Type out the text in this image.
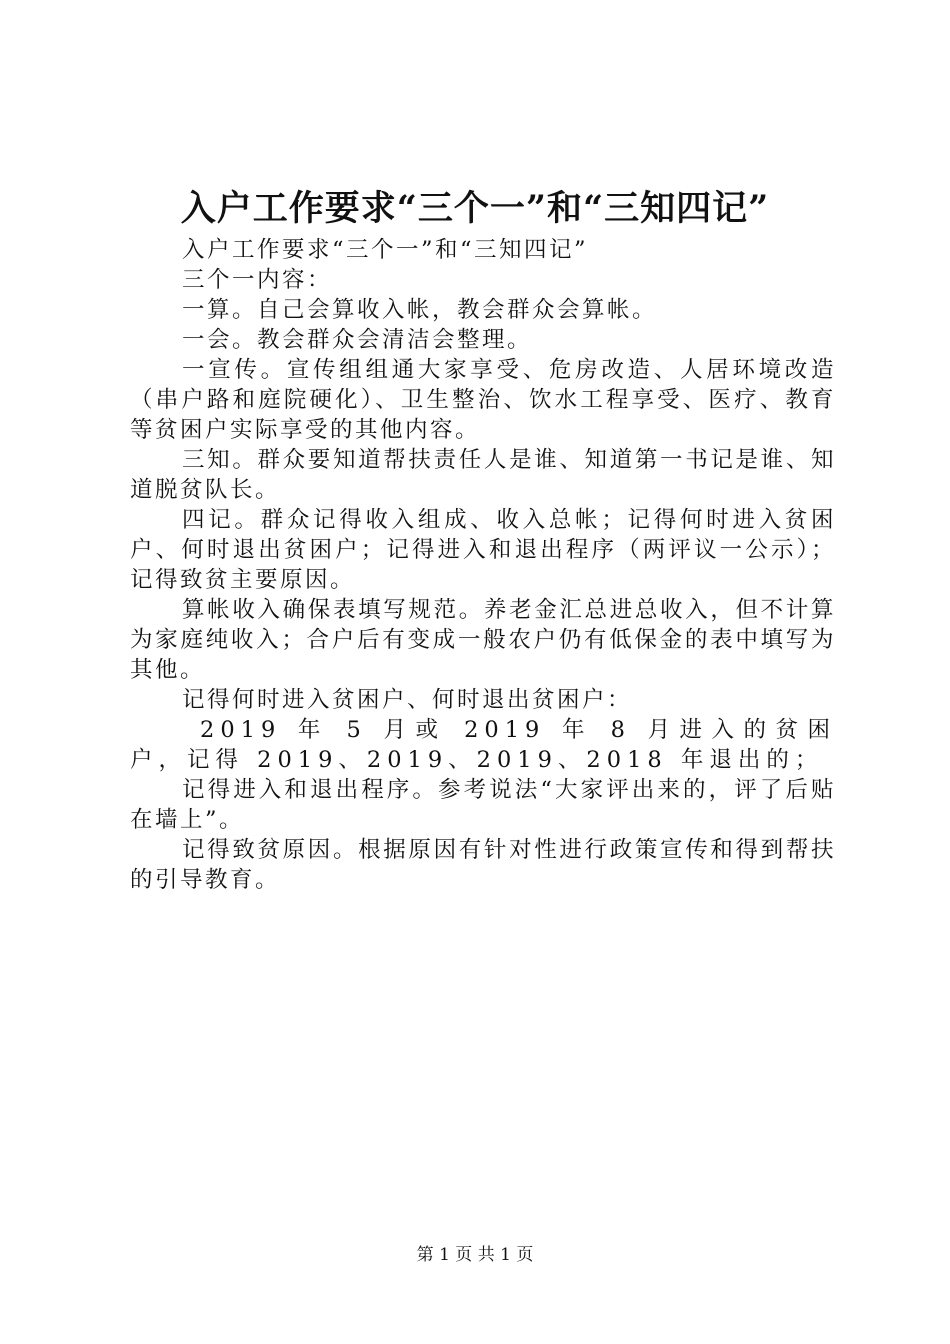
入户工作要求“三个一”和“三知四记”

入户工作要求“三个一”和“三知四记”

三个一内容：

一算。自己会算收入帐，教会群众会算帐。

一会。教会群众会清洁会整理。

一宣传。宣传组组通大家享受、危房改造、人居环境改造（串户路和庭院硬化）、卫生整治、饮水工程享受、医疗、教育等贫困户实际享受的其他内容。

三知。群众要知道帮扶责任人是谁、知道第一书记是谁、知道脱贫队长。

四记。群众记得收入组成、收入总帐；记得何时进入贫困户、何时退出贫困户；记得进入和退出程序（两评议一公示）；记得致贫主要原因。

算帐收入确保表填写规范。养老金汇总进总收入，但不计算为家庭纯收入；合户后有变成一般农户仍有低保金的表中填写为其他。

记得何时进入贫困户、何时退出贫困户：

2019 年 5 月或 2019 年 8 月进入的贫困户，记得 2019、2019、2019、2018 年退出的；

记得进入和退出程序。参考说法“大家评出来的，评了后贴在墙上”。

记得致贫原因。根据原因有针对性进行政策宣传和得到帮扶的引导教育。

第 1 页 共 1 页
